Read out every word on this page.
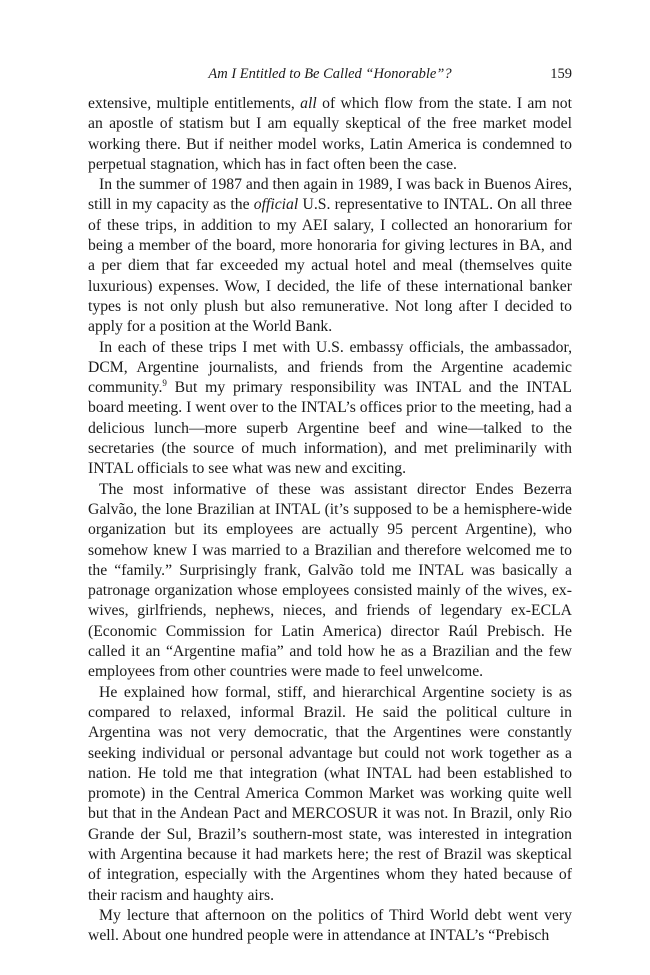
Am I Entitled to Be Called “Honorable”?	159

extensive, multiple entitlements, all of which flow from the state. I am not an apostle of statism but I am equally skeptical of the free market model working there. But if neither model works, Latin America is condemned to perpetual stagnation, which has in fact often been the case.

In the summer of 1987 and then again in 1989, I was back in Buenos Aires, still in my capacity as the official U.S. representative to INTAL. On all three of these trips, in addition to my AEI salary, I collected an honorarium for being a member of the board, more honoraria for giving lectures in BA, and a per diem that far exceeded my actual hotel and meal (themselves quite luxurious) expenses. Wow, I decided, the life of these international banker types is not only plush but also remunerative. Not long after I decided to apply for a position at the World Bank.

In each of these trips I met with U.S. embassy officials, the ambassador, DCM, Argentine journalists, and friends from the Argentine academic community.$^9$ But my primary responsibility was INTAL and the INTAL board meeting. I went over to the INTAL’s offices prior to the meeting, had a delicious lunch—more superb Argentine beef and wine—talked to the secretaries (the source of much information), and met preliminarily with INTAL officials to see what was new and exciting.

The most informative of these was assistant director Endes Bezerra Galvão, the lone Brazilian at INTAL (it’s supposed to be a hemisphere-wide organization but its employees are actually 95 percent Argentine), who somehow knew I was married to a Brazilian and therefore welcomed me to the “family.” Surprisingly frank, Galvão told me INTAL was basically a patronage organization whose employees consisted mainly of the wives, ex-wives, girlfriends, nephews, nieces, and friends of legendary ex-ECLA (Economic Commission for Latin America) director Raúl Prebisch. He called it an “Argentine mafia” and told how he as a Brazilian and the few employees from other countries were made to feel unwelcome.

He explained how formal, stiff, and hierarchical Argentine society is as compared to relaxed, informal Brazil. He said the political culture in Argentina was not very democratic, that the Argentines were constantly seeking individual or personal advantage but could not work together as a nation. He told me that integration (what INTAL had been established to promote) in the Central America Common Market was working quite well but that in the Andean Pact and MERCOSUR it was not. In Brazil, only Rio Grande der Sul, Brazil’s southern-most state, was interested in integration with Argentina because it had markets here; the rest of Brazil was skeptical of integration, especially with the Argentines whom they hated because of their racism and haughty airs.

My lecture that afternoon on the politics of Third World debt went very well. About one hundred people were in attendance at INTAL’s “Prebisch
